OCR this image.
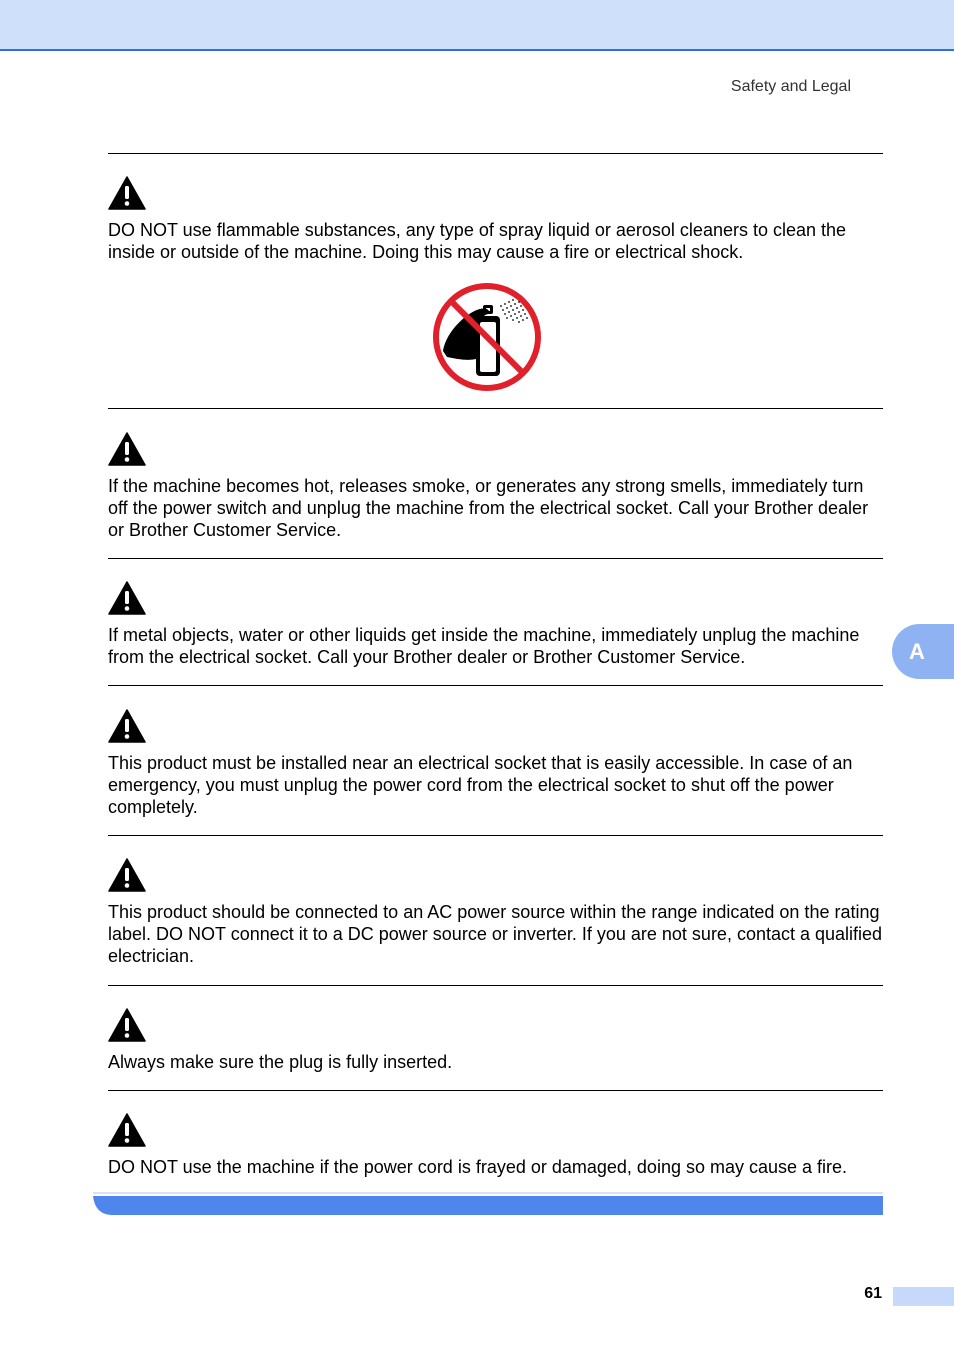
Safety and Legal

DO NOT use flammable substances, any type of spray liquid or aerosol cleaners to clean the inside or outside of the machine. Doing this may cause a fire or electrical shock.

If the machine becomes hot, releases smoke, or generates any strong smells, immediately turn off the power switch and unplug the machine from the electrical socket. Call your Brother dealer or Brother Customer Service.

If metal objects, water or other liquids get inside the machine, immediately unplug the machine from the electrical socket. Call your Brother dealer or Brother Customer Service.

This product must be installed near an electrical socket that is easily accessible. In case of an emergency, you must unplug the power cord from the electrical socket to shut off the power completely.

This product should be connected to an AC power source within the range indicated on the rating label. DO NOT connect it to a DC power source or inverter. If you are not sure, contact a qualified electrician.

Always make sure the plug is fully inserted.

DO NOT use the machine if the power cord is frayed or damaged, doing so may cause a fire.

A
61
